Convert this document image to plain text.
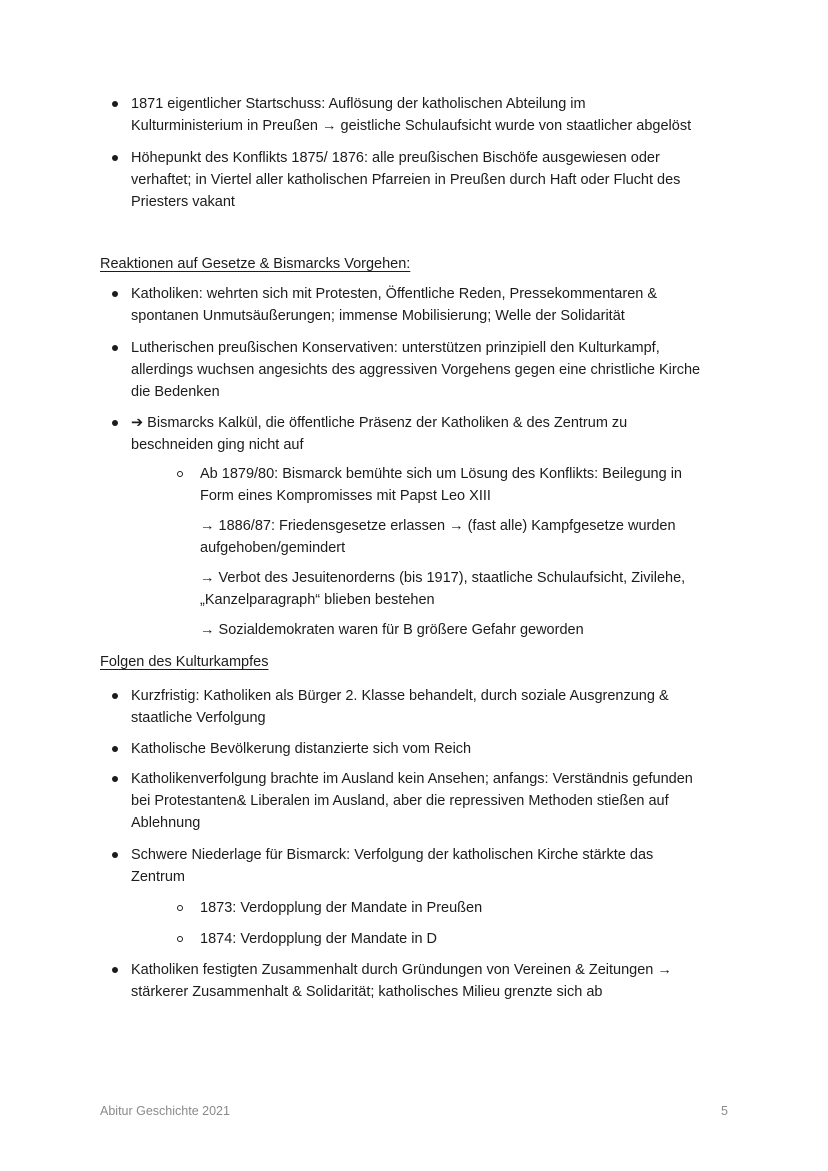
1871 eigentlicher Startschuss: Auflösung der katholischen Abteilung im
Kulturministerium in Preußen → geistliche Schulaufsicht wurde von staatlicher abgelöst
Höhepunkt des Konflikts 1875/ 1876: alle preußischen Bischöfe ausgewiesen oder
verhaftet; in Viertel aller katholischen Pfarreien in Preußen durch Haft oder Flucht des
Priesters vakant
Reaktionen auf Gesetze & Bismarcks Vorgehen:
Katholiken: wehrten sich mit Protesten, Öffentliche Reden, Pressekommentaren &
spontanen Unmutsäußerungen; immense Mobilisierung; Welle der Solidarität
Lutherischen preußischen Konservativen: unterstützen prinzipiell den Kulturkampf,
allerdings wuchsen angesichts des aggressiven Vorgehens gegen eine christliche Kirche
die Bedenken
➔ Bismarcks Kalkül, die öffentliche Präsenz der Katholiken & des Zentrum zu
beschneiden ging nicht auf
Ab 1879/80: Bismarck bemühte sich um Lösung des Konflikts: Beilegung in
Form eines Kompromisses mit Papst Leo XIII
→ 1886/87: Friedensgesetze erlassen → (fast alle) Kampfgesetze wurden
aufgehoben/gemindert
→ Verbot des Jesuitenorderns (bis 1917), staatliche Schulaufsicht, Zivilehe,
„Kanzelparagraph“ blieben bestehen
→ Sozialdemokraten waren für B größere Gefahr geworden
Folgen des Kulturkampfes
Kurzfristig: Katholiken als Bürger 2. Klasse behandelt, durch soziale Ausgrenzung &
staatliche Verfolgung
Katholische Bevölkerung distanzierte sich vom Reich
Katholikenverfolgung brachte im Ausland kein Ansehen; anfangs: Verständnis gefunden
bei Protestanten& Liberalen im Ausland, aber die repressiven Methoden stießen auf
Ablehnung
Schwere Niederlage für Bismarck: Verfolgung der katholischen Kirche stärkte das
Zentrum
1873: Verdopplung der Mandate in Preußen
1874: Verdopplung der Mandate in D
Katholiken festigten Zusammenhalt durch Gründungen von Vereinen & Zeitungen →
stärkerer Zusammenhalt & Solidarität; katholisches Milieu grenzte sich ab
Abitur Geschichte 2021	5
